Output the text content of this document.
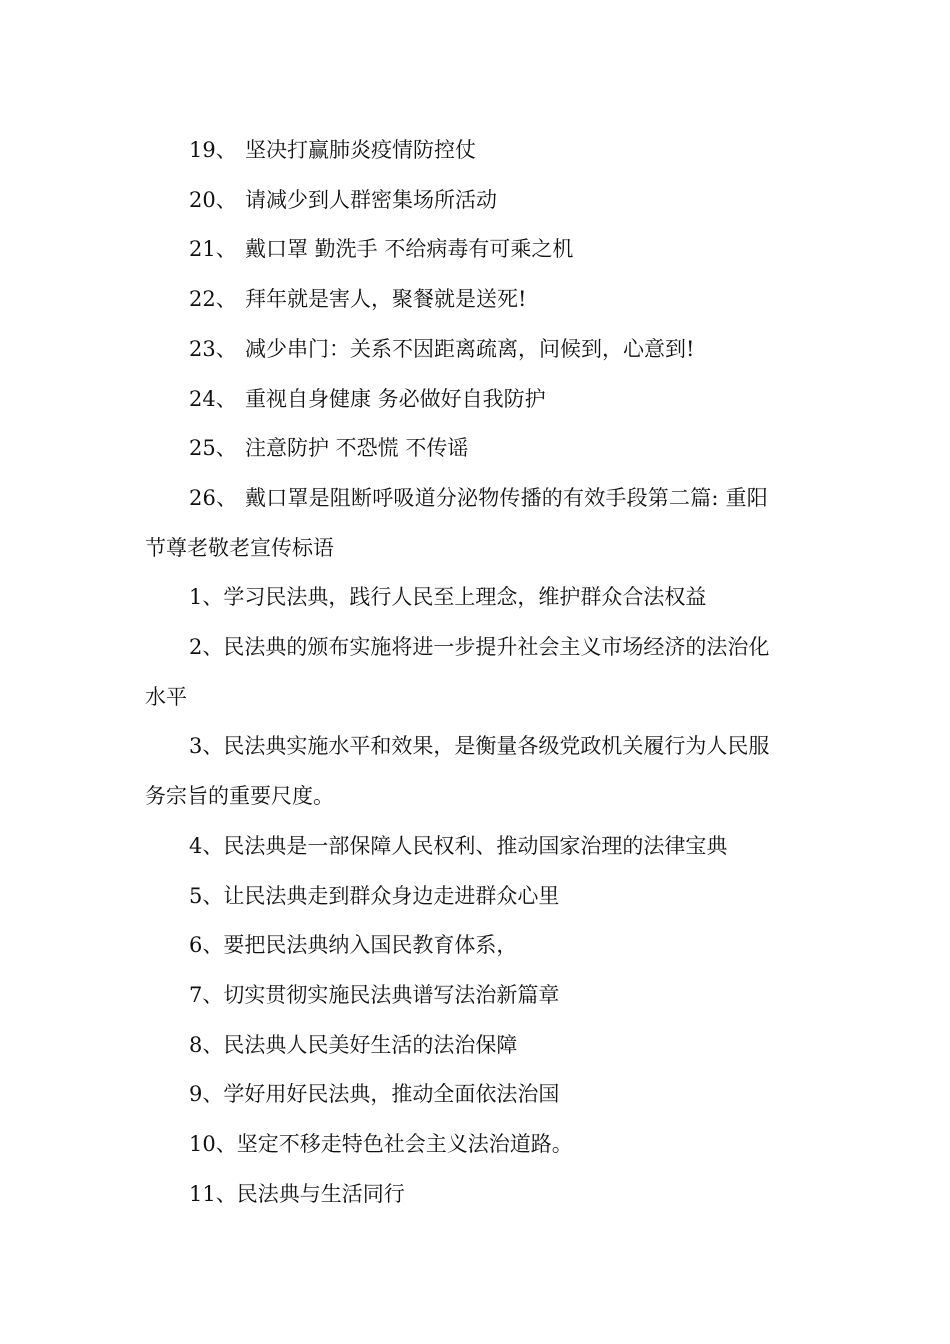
19、 坚决打赢肺炎疫情防控仗

20、 请减少到人群密集场所活动

21、 戴口罩 勤洗手 不给病毒有可乘之机

22、 拜年就是害人，聚餐就是送死!

23、 减少串门：关系不因距离疏离，问候到，心意到!

24、 重视自身健康 务必做好自我防护

25、 注意防护 不恐慌 不传谣

26、 戴口罩是阻断呼吸道分泌物传播的有效手段第二篇: 重阳

节尊老敬老宣传标语

1、学习民法典，践行人民至上理念，维护群众合法权益

2、民法典的颁布实施将进一步提升社会主义市场经济的法治化

水平

3、民法典实施水平和效果，是衡量各级党政机关履行为人民服

务宗旨的重要尺度。

4、民法典是一部保障人民权利、推动国家治理的法律宝典

5、让民法典走到群众身边走进群众心里

6、要把民法典纳入国民教育体系，

7、切实贯彻实施民法典谱写法治新篇章

8、民法典人民美好生活的法治保障

9、学好用好民法典，推动全面依法治国

10、坚定不移走特色社会主义法治道路。

11、民法典与生活同行
